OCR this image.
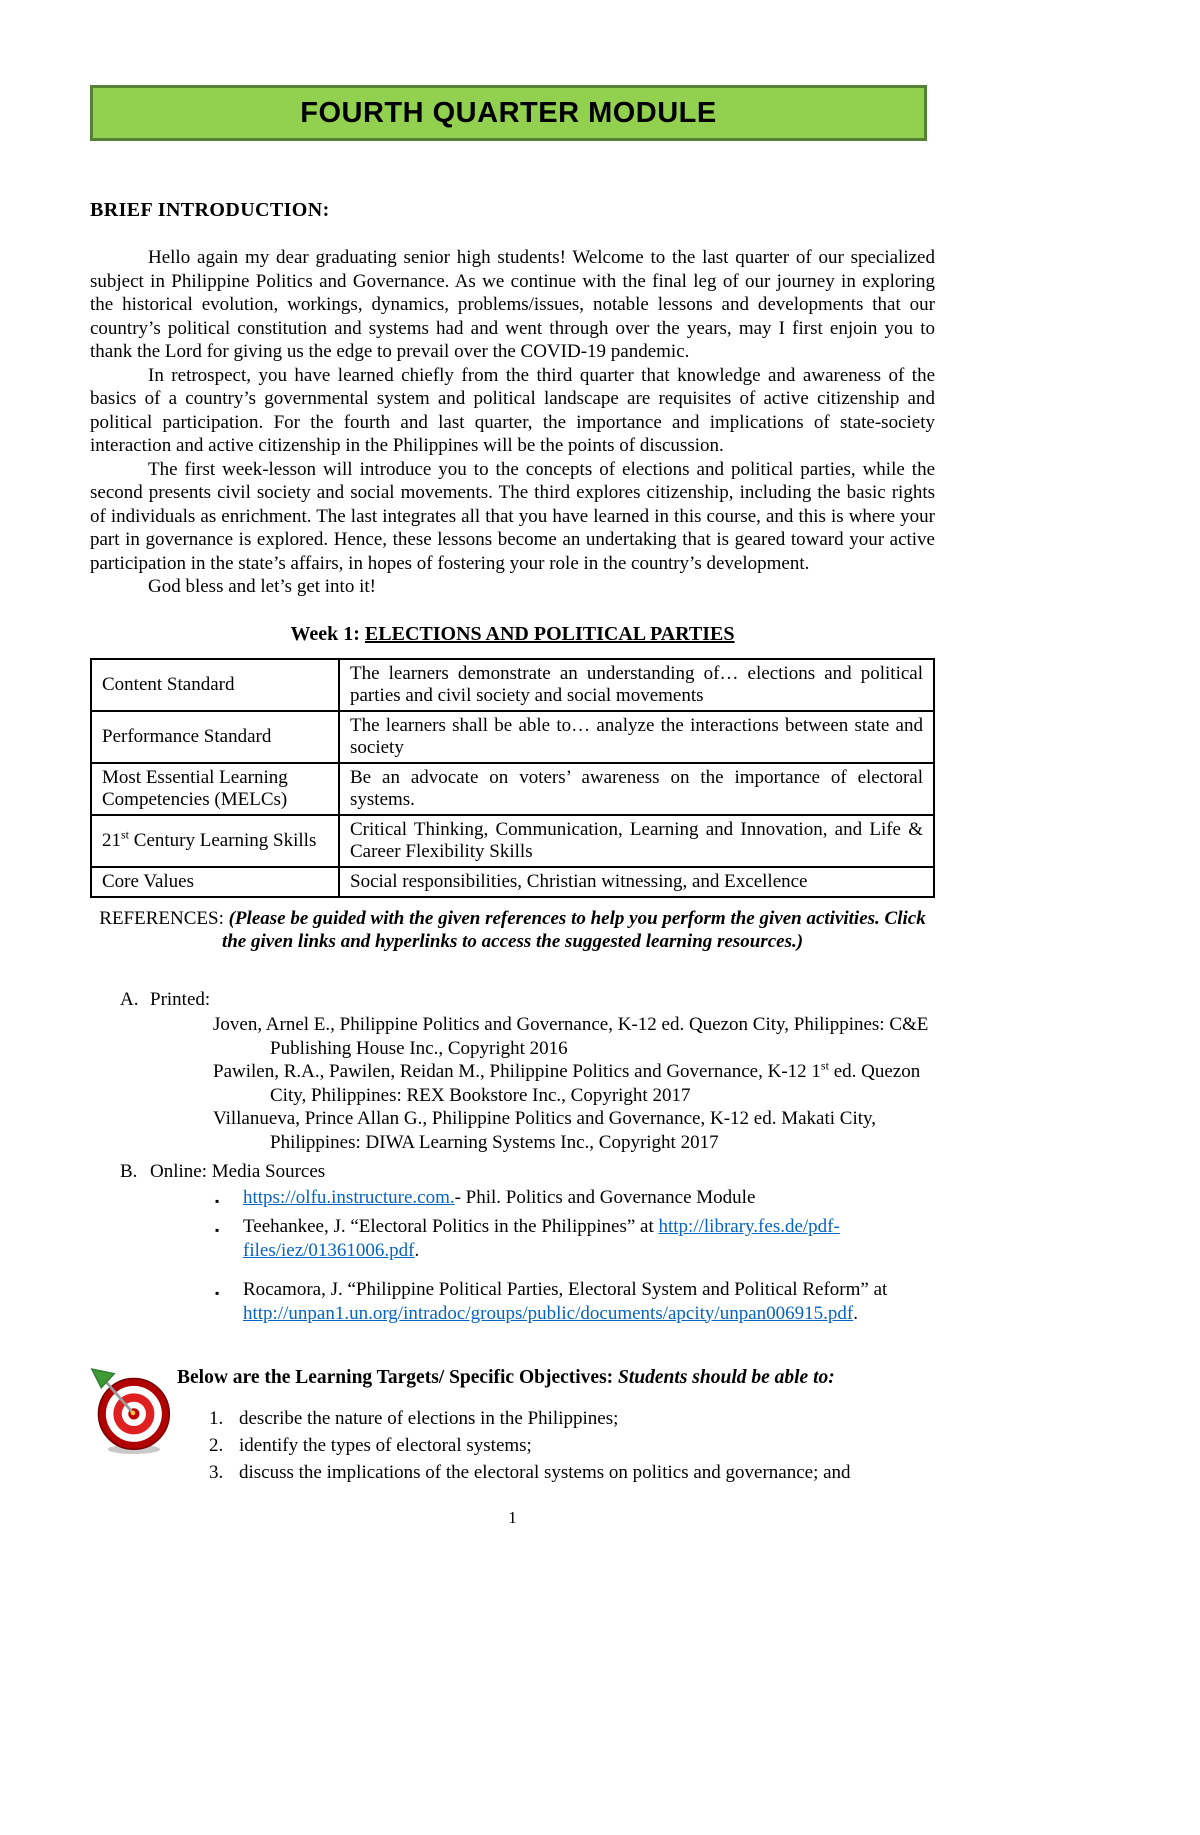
FOURTH QUARTER MODULE
BRIEF INTRODUCTION:

Hello again my dear graduating senior high students! Welcome to the last quarter of our specialized subject in Philippine Politics and Governance. As we continue with the final leg of our journey in exploring the historical evolution, workings, dynamics, problems/issues, notable lessons and developments that our country’s political constitution and systems had and went through over the years, may I first enjoin you to thank the Lord for giving us the edge to prevail over the COVID-19 pandemic.

In retrospect, you have learned chiefly from the third quarter that knowledge and awareness of the basics of a country’s governmental system and political landscape are requisites of active citizenship and political participation. For the fourth and last quarter, the importance and implications of state-society interaction and active citizenship in the Philippines will be the points of discussion.

The first week-lesson will introduce you to the concepts of elections and political parties, while the second presents civil society and social movements. The third explores citizenship, including the basic rights of individuals as enrichment. The last integrates all that you have learned in this course, and this is where your part in governance is explored. Hence, these lessons become an undertaking that is geared toward your active participation in the state’s affairs, in hopes of fostering your role in the country’s development.

God bless and let’s get into it!

Week 1: ELECTIONS AND POLITICAL PARTIES
Content Standard	The learners demonstrate an understanding of… elections and political parties and civil society and social movements
Performance Standard	The learners shall be able to… analyze the interactions between state and society
Most Essential Learning Competencies (MELCs)	Be an advocate on voters’ awareness on the importance of electoral systems.
21st Century Learning Skills	Critical Thinking, Communication, Learning and Innovation, and Life & Career Flexibility Skills
Core Values	Social responsibilities, Christian witnessing, and Excellence
REFERENCES: (Please be guided with the given references to help you perform the given activities. Click the given links and hyperlinks to access the suggested learning resources.)
A. Printed:
Joven, Arnel E., Philippine Politics and Governance, K-12 ed. Quezon City, Philippines: C&E Publishing House Inc., Copyright 2016
Pawilen, R.A., Pawilen, Reidan M., Philippine Politics and Governance, K-12 1st ed. Quezon City, Philippines: REX Bookstore Inc., Copyright 2017
Villanueva, Prince Allan G., Philippine Politics and Governance, K-12 ed. Makati City, Philippines: DIWA Learning Systems Inc., Copyright 2017
B. Online: Media Sources
▪	https://olfu.instructure.com.- Phil. Politics and Governance Module
▪	Teehankee, J. “Electoral Politics in the Philippines” at http://library.fes.de/pdf-files/iez/01361006.pdf.
▪	Rocamora, J. “Philippine Political Parties, Electoral System and Political Reform” at http://unpan1.un.org/intradoc/groups/public/documents/apcity/unpan006915.pdf.
Below are the Learning Targets/ Specific Objectives: Students should be able to:
1. describe the nature of elections in the Philippines;
2. identify the types of electoral systems;
3. discuss the implications of the electoral systems on politics and governance; and
1
